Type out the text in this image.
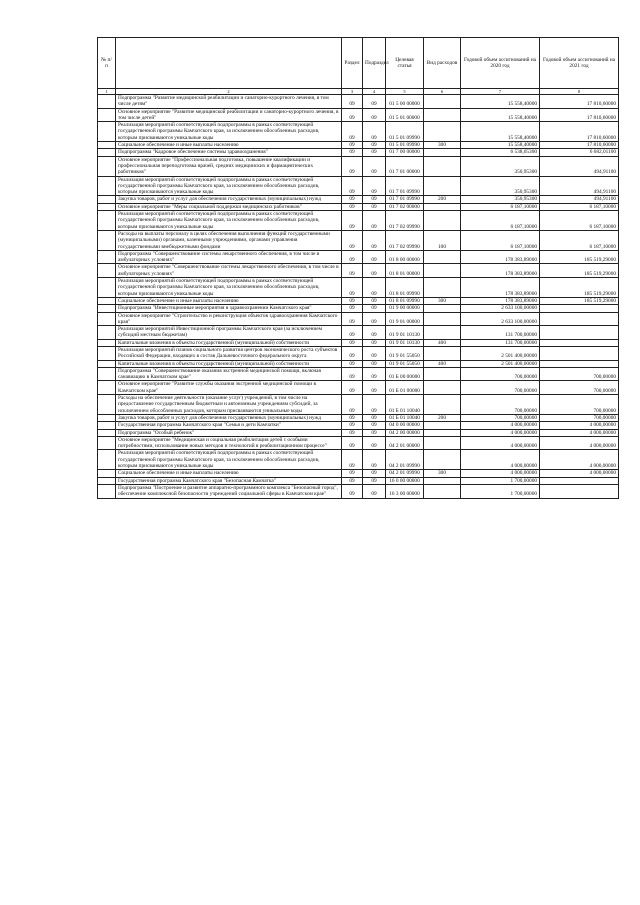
№ п/п		Раздел	Подраздел	Целевая статья	Вид расходов	Годовой объем ассигнований на 2020 год	Годовой объем ассигнований на 2021 год
1	2	3	4	5	6	7	8
	Подпрограмма "Развитие медицинской реабилитации и санаторно-курортного лечения, в том числе детям"	09	09	01 5 00 00000		15 558,40000	17 810,60000
	Основное мероприятие "Развитие медицинской реабилитации и санаторно-курортного лечения, в том числе детей"	09	09	01 5 01 00000		15 558,40000	17 810,60000
	Реализация мероприятий соответствующей подпрограммы в рамках соответствующей государственной программы Камчатского края, за исключением обособленных расходов, которым присваиваются уникальные коды	09	09	01 5 01 09990		15 558,40000	17 810,60000
	Социальное обеспечение и иные выплаты населению	09	09	01 5 01 09990	300	15 558,40000	17 810,60000
	Подпрограмма "Кадровое обеспечение системы здравоохранения"	09	09	01 7 00 00000		6 538,05300	6 682,01100
	Основное мероприятие "Профессиональная подготовка, повышение квалификации и профессиональная переподготовка врачей, средних медицинских и фармацевтических работников"	09	09	01 7 01 00000		350,95300	494,91100
	Реализация мероприятий соответствующей подпрограммы в рамках соответствующей государственной программы Камчатского края, за исключением обособленных расходов, которым присваиваются уникальные коды	09	09	01 7 01 09990		350,95300	494,91100
	Закупка товаров, работ и услуг для обеспечения государственных (муниципальных) нужд	09	09	01 7 01 09990	200	350,95300	494,91100
	Основное мероприятие "Меры социальной поддержки медицинских работников"	09	09	01 7 02 00000		6 187,10000	6 187,10000
	Реализация мероприятий соответствующей подпрограммы в рамках соответствующей государственной программы Камчатского края, за исключением обособленных расходов, которым присваиваются уникальные коды	09	09	01 7 02 09990		6 187,10000	6 187,10000
	Расходы на выплаты персоналу в целях обеспечения выполнения функций государственными (муниципальными) органами, казенными учреждениями, органами управления государственными внебюджетными фондами	09	09	01 7 02 09990	100	6 187,10000	6 187,10000
	Подпрограмма "Совершенствование системы лекарственного обеспечения, в том числе в амбулаторных условиях"	09	09	01 8 00 00000		178 383,89000	185 519,29000
	Основное мероприятие "Совершенствование системы лекарственного обеспечения, в том числе в амбулаторных условиях"	09	09	01 8 01 00000		178 383,89000	185 519,29000
	Реализация мероприятий соответствующей подпрограммы в рамках соответствующей государственной программы Камчатского края, за исключением обособленных расходов, которым присваиваются уникальные коды	09	09	01 8 01 09990		178 383,89000	185 519,29000
	Социальное обеспечение и иные выплаты населению	09	09	01 8 01 09990	300	178 383,89000	185 519,29000
	Подпрограмма "Инвестиционные мероприятия в здравоохранении Камчатского края"	09	09	01 9 00 00000		2 633 100,00000	
	Основное мероприятие "Строительство и реконструкция объектов здравоохранения Камчатского края"	09	09	01 9 01 00000		2 633 100,00000	
	Реализация мероприятий Инвестиционной программы Камчатского края (за исключением субсидий местным бюджетам)	09	09	01 9 01 10130		131 700,00000	
	Капитальные вложения в объекты государственной (муниципальной) собственности	09	09	01 9 01 10130	400	131 700,00000	
	Реализация мероприятий планов социального развития центров экономического роста субъектов Российской Федерации, входящих в состав Дальневосточного федерального округа	09	09	01 9 01 55050		2 501 400,00000	
	Капитальные вложения в объекты государственной (муниципальной) собственности	09	09	01 9 01 55050	400	2 501 400,00000	
	Подпрограмма "Совершенствование оказания экстренной медицинской помощи, включая санавиацию в Камчатском крае"	09	09	01 Б 00 00000		700,00000	700,00000
	Основное мероприятие "Развитие службы оказания экстренной медицинской помощи в Камчатском крае"	09	09	01 Б 01 00000		700,00000	700,00000
	Расходы на обеспечение деятельности (оказание услуг) учреждений, в том числе на предоставление государственным бюджетным и автономным учреждениям субсидий, за исключением обособленных расходов, которым присваиваются уникальные коды	09	09	01 Б 01 10040		700,00000	700,00000
	Закупка товаров, работ и услуг для обеспечения государственных (муниципальных) нужд	09	09	01 Б 01 10040	200	700,00000	700,00000
	Государственная программа Камчатского края "Семья и дети Камчатки"	09	09	04 0 00 00000		4 000,00000	4 000,00000
	Подпрограмма "Особый ребенок"	09	09	04 2 00 00000		4 000,00000	4 000,00000
	Основное мероприятие "Медицинская и социальная реабилитация детей с особыми потребностями, использование новых методов и технологий в реабилитационном процессе"	09	09	04 2 01 00000		4 000,00000	4 000,00000
	Реализация мероприятий соответствующей подпрограммы в рамках соответствующей государственной программы Камчатского края, за исключением обособленных расходов, которым присваиваются уникальные коды	09	09	04 2 01 09990		4 000,00000	4 000,00000
	Социальное обеспечение и иные выплаты населению	09	09	04 2 01 09990	300	4 000,00000	4 000,00000
	Государственная программа Камчатского края "Безопасная Камчатка"	09	09	16 0 00 00000		1 700,00000	
	Подпрограмма "Построение и развитие аппаратно-программного комплекса "Безопасный город", обеспечение комплексной безопасности учреждений социальной сферы в Камчатском крае"	09	09	16 3 00 00000		1 700,00000	
